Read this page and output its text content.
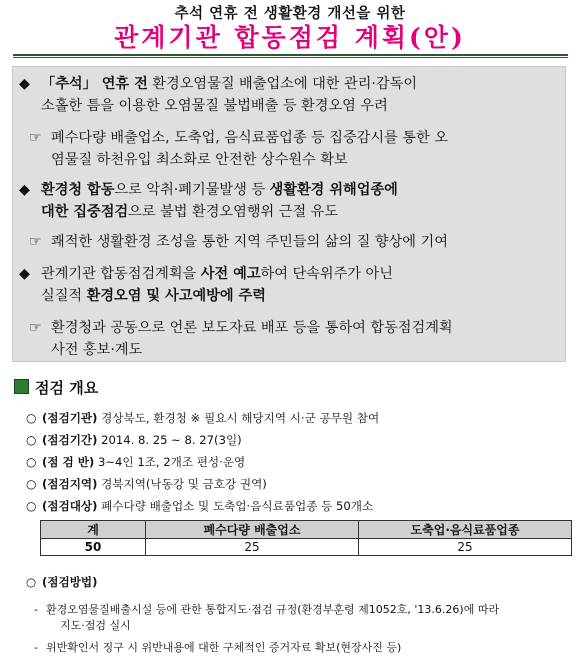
추석 연휴 전 생활환경 개선을 위한
관계기관 합동점검 계획(안)
◆ 「추석」 연휴 전 환경오염물질 배출업소에 대한 관리·감독이
소홀한 틈을 이용한 오염물질 불법배출 등 환경오염 우려
☞ 폐수다량 배출업소, 도축업, 음식료품업종 등 집중감시를 통한 오
염물질 하천유입 최소화로 안전한 상수원수 확보
◆ 환경청 합동으로 악취·폐기물발생 등 생활환경 위해업종에
대한 집중점검으로 불법 환경오염행위 근절 유도
☞ 쾌적한 생활환경 조성을 통한 지역 주민들의 삶의 질 향상에 기여
◆ 관계기관 합동점검계획을 사전 예고하여 단속위주가 아닌
실질적 환경오염 및 사고예방에 주력
☞ 환경청과 공동으로 언론 보도자료 배포 등을 통하여 합동점검계획
사전 홍보·계도
점검 개요
○ (점검기관) 경상북도, 환경청 ※ 필요시 해당지역 시·군 공무원 참여
○ (점검기간) 2014. 8. 25 ~ 8. 27(3일)
○ (점 검 반) 3~4인 1조, 2개조 편성·운영
○ (점검지역) 경북지역(낙동강 및 금호강 권역)
○ (점검대상) 폐수다량 배출업소 및 도축업·음식료품업종 등 50개소
계	폐수다량 배출업소	도축업·음식료품업종
50	25	25
○ (점검방법)
- 환경오염물질배출시설 등에 관한 통합지도·점검 규정(환경부훈령 제1052호, '13.6.26)에 따라
지도·점검 실시
- 위반확인서 징구 시 위반내용에 대한 구체적인 증거자료 확보(현장사진 등)
